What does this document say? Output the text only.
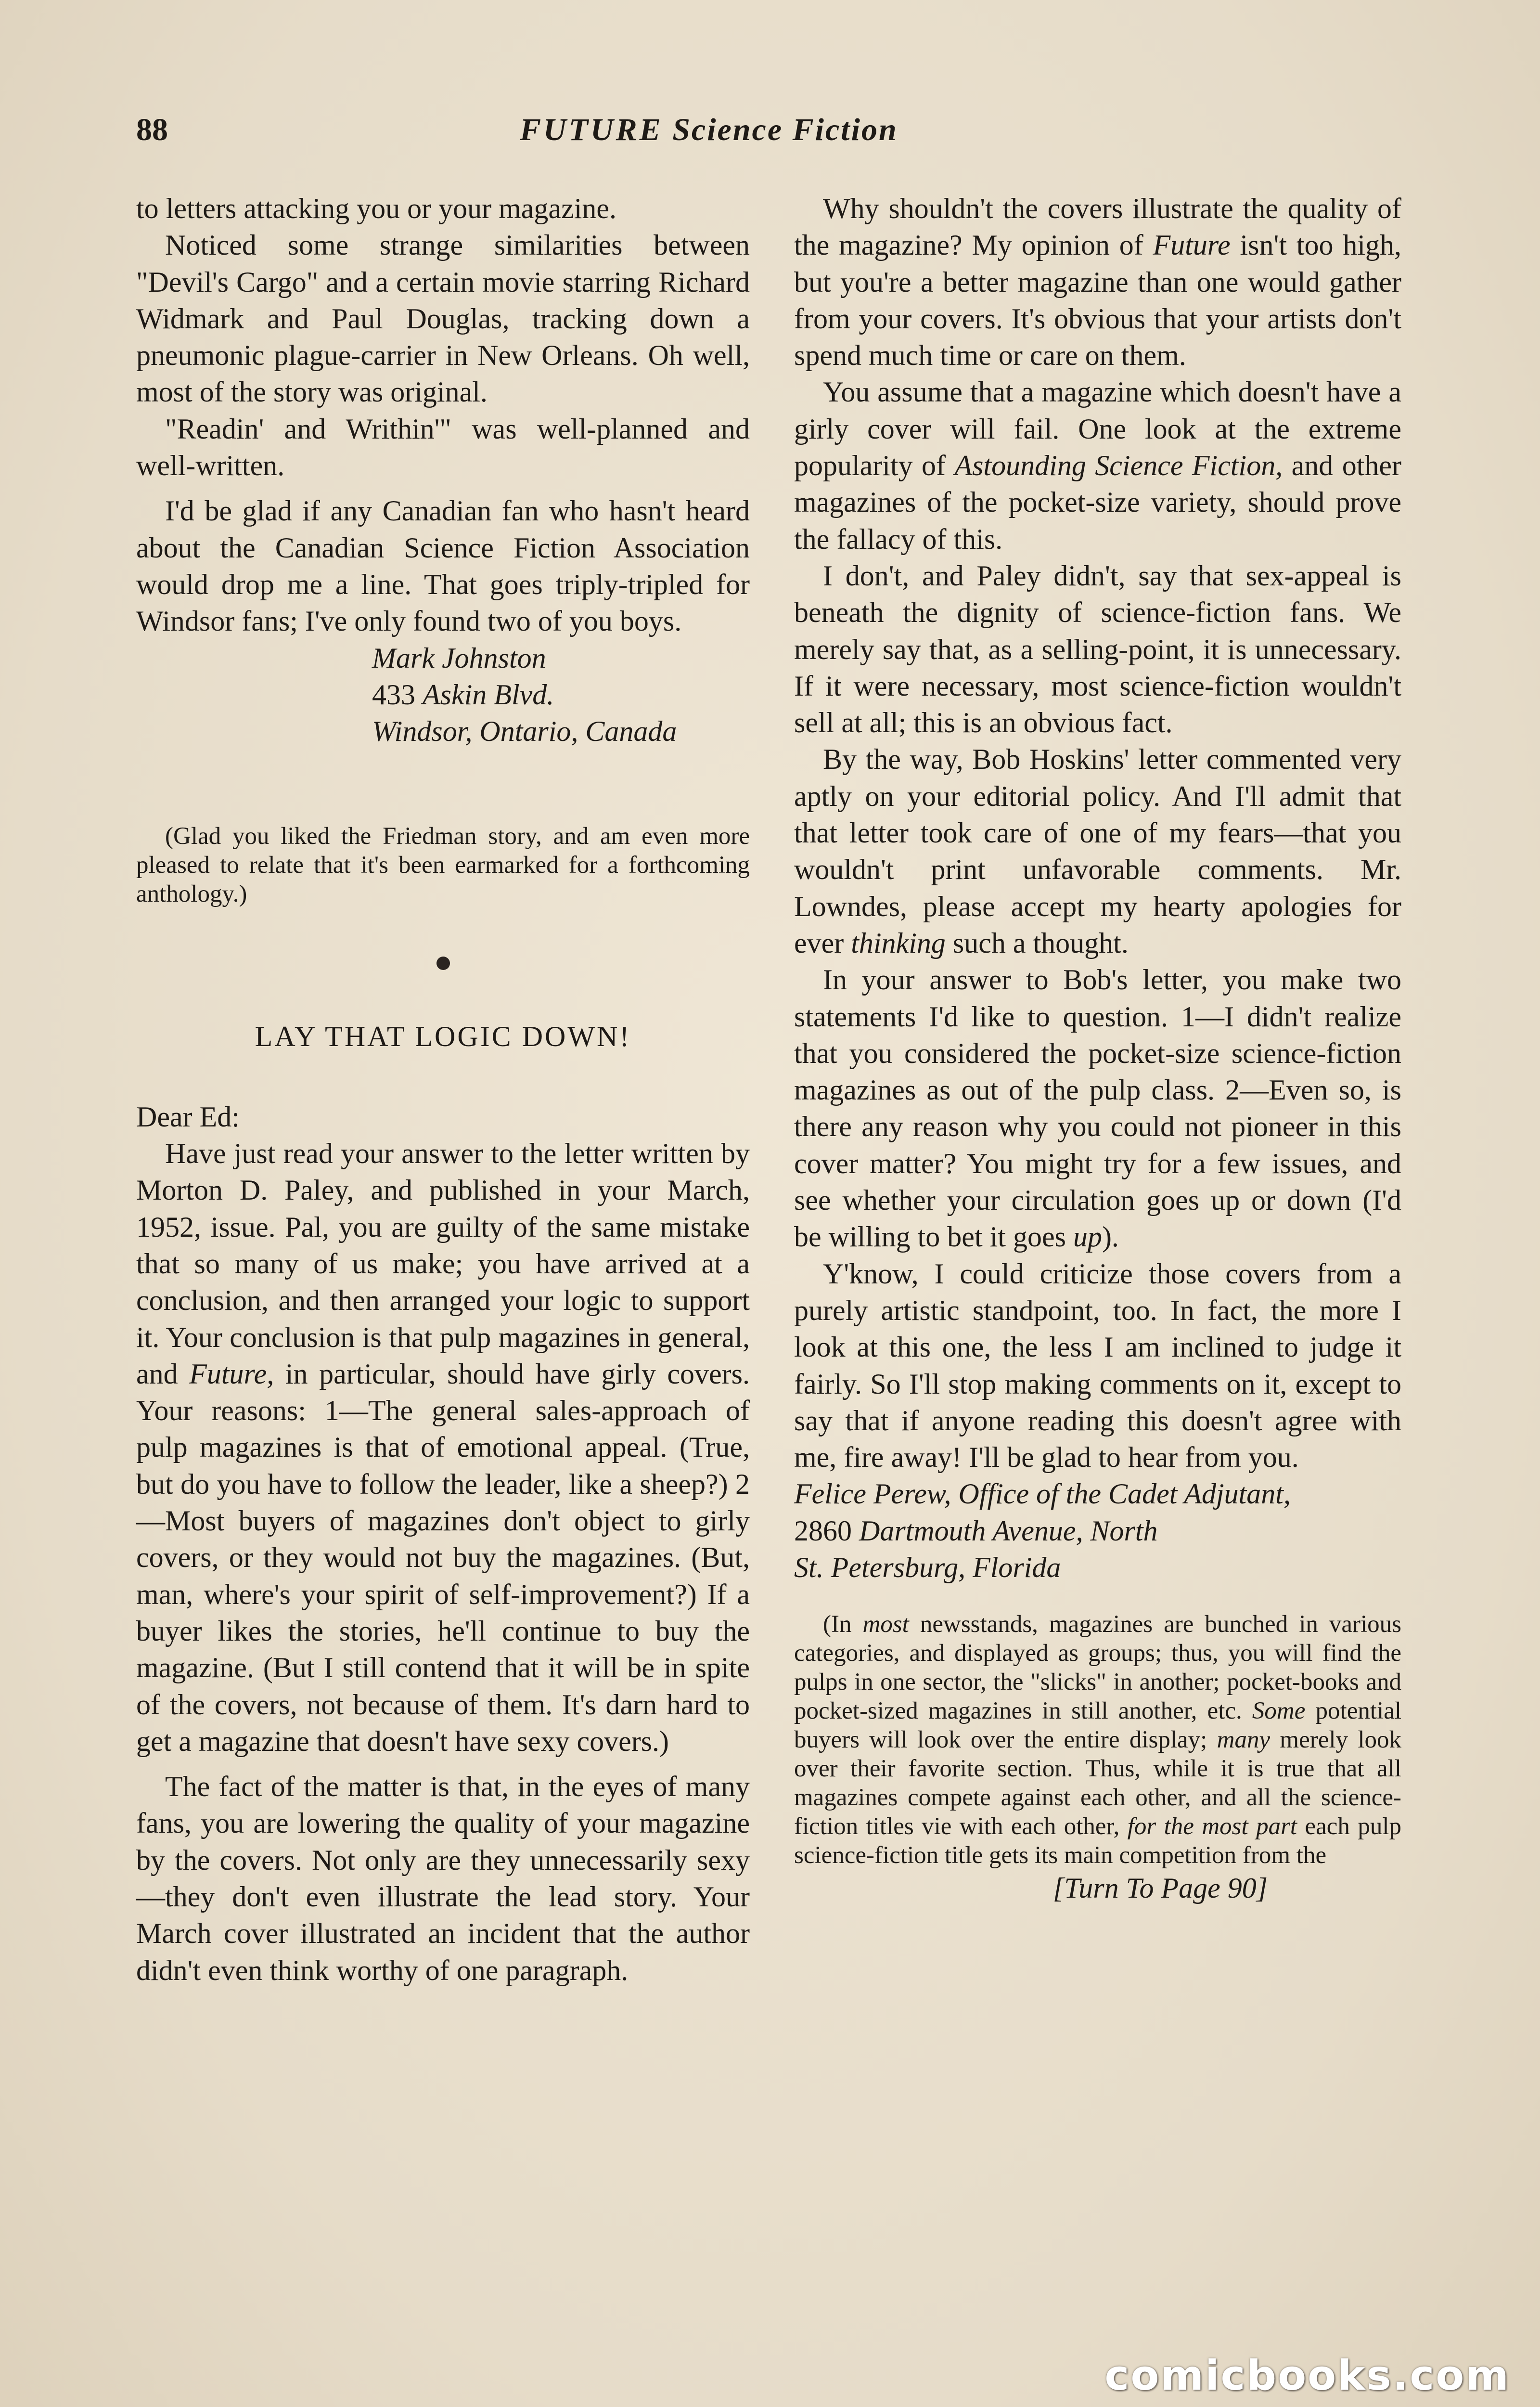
88	FUTURE Science Fiction

to letters attacking you or your magazine.

Noticed some strange similarities between "Devil's Cargo" and a certain movie starring Richard Widmark and Paul Douglas, tracking down a pneumonic plague-carrier in New Orleans. Oh well, most of the story was original.

"Readin' and Writhin'" was well-planned and well-written.

I'd be glad if any Canadian fan who hasn't heard about the Canadian Science Fiction Association would drop me a line. That goes triply-tripled for Windsor fans; I've only found two of you boys.

Mark Johnston
433 Askin Blvd.
Windsor, Ontario, Canada

(Glad you liked the Friedman story, and am even more pleased to relate that it's been earmarked for a forthcoming anthology.)

LAY THAT LOGIC DOWN!

Dear Ed:

Have just read your answer to the letter written by Morton D. Paley, and published in your March, 1952, issue. Pal, you are guilty of the same mistake that so many of us make; you have arrived at a conclusion, and then arranged your logic to support it. Your conclusion is that pulp magazines in general, and Future, in particular, should have girly covers. Your reasons: 1—The general sales-approach of pulp magazines is that of emotional appeal. (True, but do you have to follow the leader, like a sheep?) 2—Most buyers of magazines don't object to girly covers, or they would not buy the magazines. (But, man, where's your spirit of self-improvement?) If a buyer likes the stories, he'll continue to buy the magazine. (But I still contend that it will be in spite of the covers, not because of them. It's darn hard to get a magazine that doesn't have sexy covers.)

The fact of the matter is that, in the eyes of many fans, you are lowering the quality of your magazine by the covers. Not only are they unnecessarily sexy—they don't even illustrate the lead story. Your March cover illustrated an incident that the author didn't even think worthy of one paragraph.

Why shouldn't the covers illustrate the quality of the magazine? My opinion of Future isn't too high, but you're a better magazine than one would gather from your covers. It's obvious that your artists don't spend much time or care on them.

You assume that a magazine which doesn't have a girly cover will fail. One look at the extreme popularity of Astounding Science Fiction, and other magazines of the pocket-size variety, should prove the fallacy of this.

I don't, and Paley didn't, say that sex-appeal is beneath the dignity of science-fiction fans. We merely say that, as a selling-point, it is unnecessary. If it were necessary, most science-fiction wouldn't sell at all; this is an obvious fact.

By the way, Bob Hoskins' letter commented very aptly on your editorial policy. And I'll admit that that letter took care of one of my fears—that you wouldn't print unfavorable comments. Mr. Lowndes, please accept my hearty apologies for ever thinking such a thought.

In your answer to Bob's letter, you make two statements I'd like to question. 1—I didn't realize that you considered the pocket-size science-fiction magazines as out of the pulp class. 2—Even so, is there any reason why you could not pioneer in this cover matter? You might try for a few issues, and see whether your circulation goes up or down (I'd be willing to bet it goes up).

Y'know, I could criticize those covers from a purely artistic standpoint, too. In fact, the more I look at this one, the less I am inclined to judge it fairly. So I'll stop making comments on it, except to say that if anyone reading this doesn't agree with me, fire away! I'll be glad to hear from you.

Felice Perew, Office of the Cadet Adjutant,
2860 Dartmouth Avenue, North
St. Petersburg, Florida

(In most newsstands, magazines are bunched in various categories, and displayed as groups; thus, you will find the pulps in one sector, the "slicks" in another; pocket-books and pocket-sized magazines in still another, etc. Some potential buyers will look over the entire display; many merely look over their favorite section. Thus, while it is true that all magazines compete against each other, and all the science-fiction titles vie with each other, for the most part each pulp science-fiction title gets its main competition from the

[Turn To Page 90]

comicbooks.com
